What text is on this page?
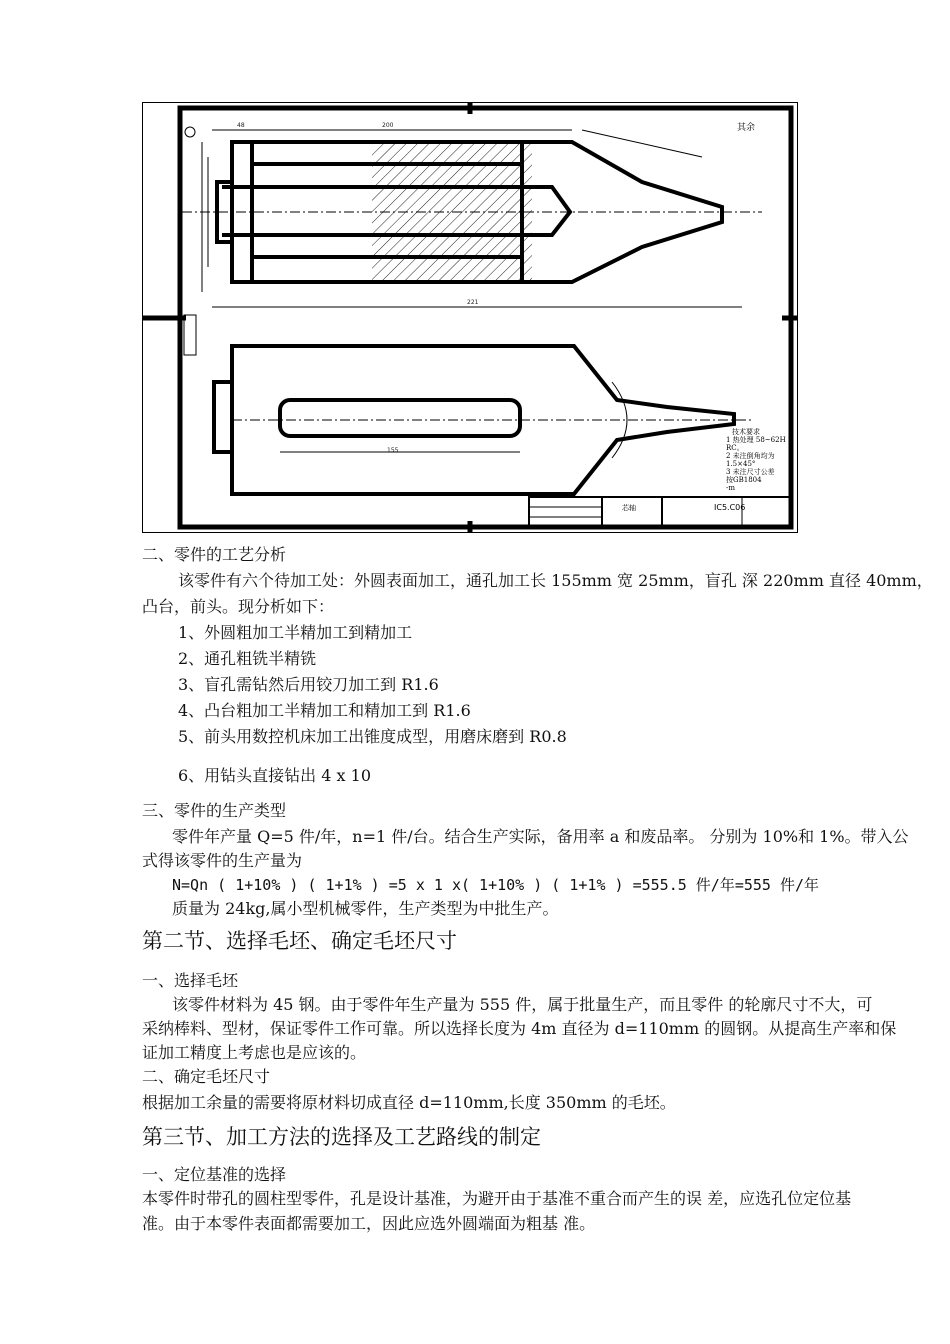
200
221
48
155
其余
技术要求
1 热处理 58~62H
RC。
2 未注倒角均为
1.5×45°
3 未注尺寸公差
按GB1804
-m
芯轴	IC5.C06
二、零件的工艺分析
该零件有六个待加工处：外圆表面加工，通孔加工长 155mm 宽 25mm，盲孔 深 220mm 直径 40mm，
凸台，前头。现分析如下：
1、外圆粗加工半精加工到精加工
2、通孔粗铣半精铣
3、盲孔需钻然后用铰刀加工到 R1.6
4、凸台粗加工半精加工和精加工到 R1.6
5、前头用数控机床加工出锥度成型，用磨床磨到 R0.8
6、用钻头直接钻出 4 x 10
三、零件的生产类型
零件年产量 Q=5 件/年，n=1 件/台。结合生产实际，备用率 a 和废品率。 分别为 10%和 1%。带入公
式得该零件的生产量为
N=Qn ( 1+10% ) ( 1+1% ) =5 x 1 x( 1+10% ) ( 1+1% ) =555.5 件/年=555 件/年
质量为 24kg,属小型机械零件，生产类型为中批生产。
第二节、选择毛坯、确定毛坯尺寸
一、选择毛坯
该零件材料为 45 钢。由于零件年生产量为 555 件，属于批量生产，而且零件 的轮廓尺寸不大，可
采纳棒料、型材，保证零件工作可靠。所以选择长度为 4m 直径为 d=110mm 的圆钢。从提高生产率和保
证加工精度上考虑也是应该的。
二、确定毛坯尺寸
根据加工余量的需要将原材料切成直径 d=110mm,长度 350mm 的毛坯。
第三节、加工方法的选择及工艺路线的制定
一、定位基准的选择
本零件时带孔的圆柱型零件，孔是设计基准，为避开由于基准不重合而产生的误 差，应选孔位定位基
准。由于本零件表面都需要加工，因此应选外圆端面为粗基 准。
